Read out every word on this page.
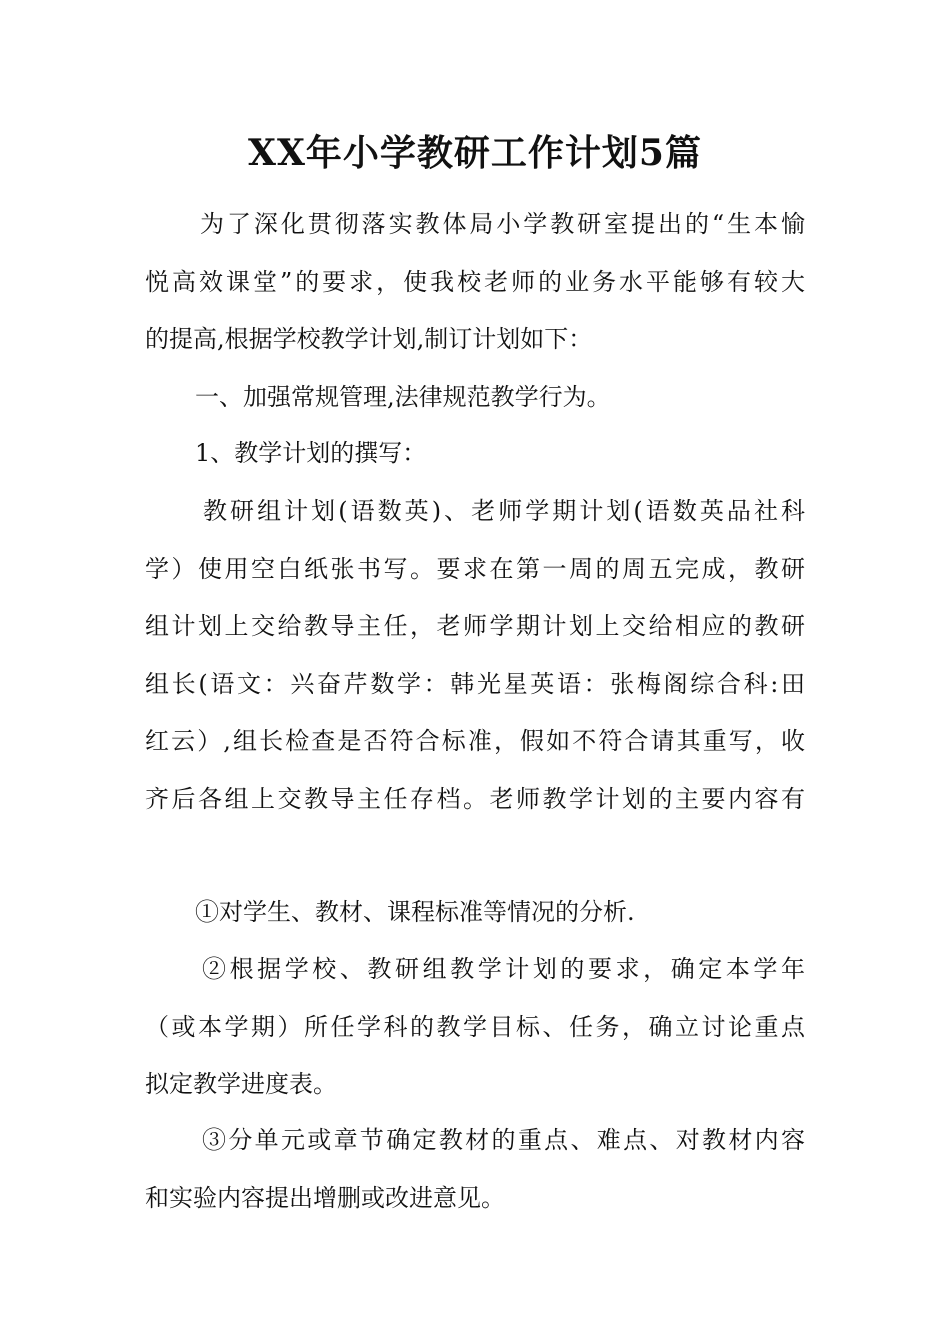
XX年小学教研工作计划5篇
为了深化贯彻落实教体局小学教研室提出的“生本愉
悦高效课堂”的要求，使我校老师的业务水平能够有较大
的提高,根据学校教学计划,制订计划如下：
一、加强常规管理,法律规范教学行为。
1、教学计划的撰写：
教研组计划(语数英)、老师学期计划(语数英品社科
学）使用空白纸张书写。要求在第一周的周五完成，教研
组计划上交给教导主任，老师学期计划上交给相应的教研
组长(语文：兴奋芹数学：韩光星英语：张梅阁综合科:田
红云）,组长检查是否符合标准，假如不符合请其重写，收
齐后各组上交教导主任存档。老师教学计划的主要内容有
①对学生、教材、课程标准等情况的分析.
②根据学校、教研组教学计划的要求，确定本学年
（或本学期）所任学科的教学目标、任务，确立讨论重点
拟定教学进度表。
③分单元或章节确定教材的重点、难点、对教材内容
和实验内容提出增删或改进意见。
